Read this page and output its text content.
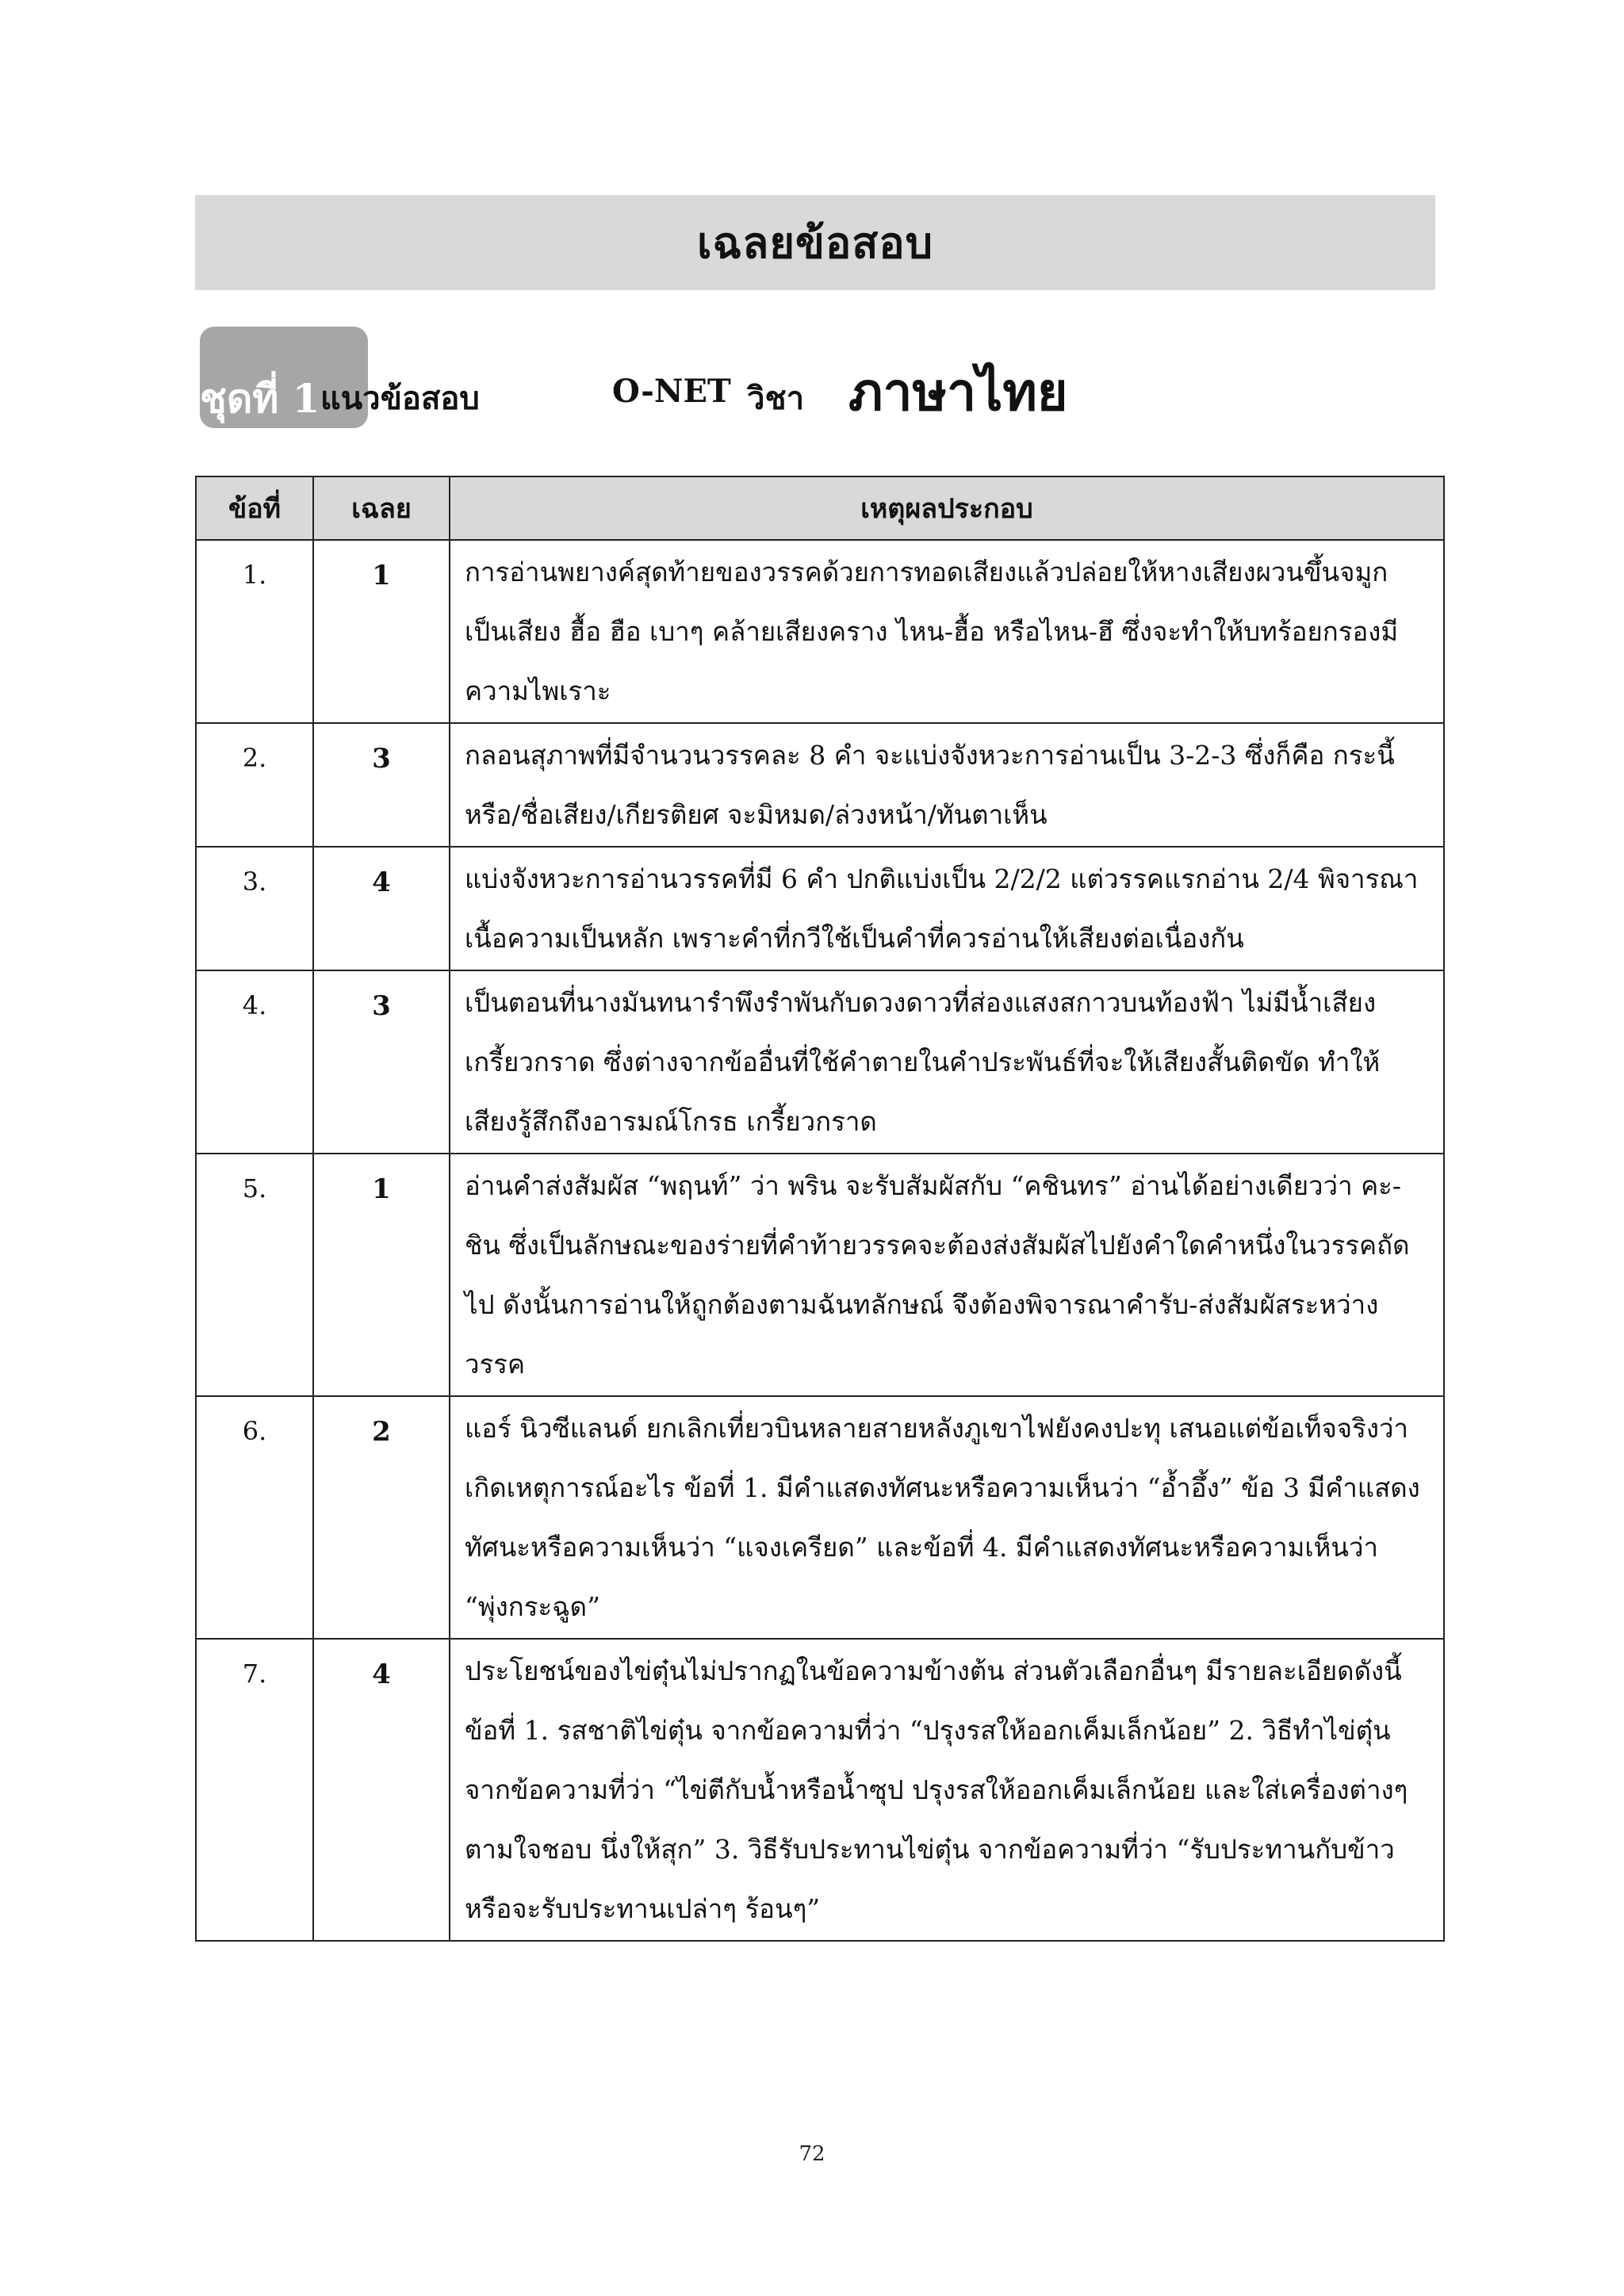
เฉลยข้อสอบ
ชุดที่ 1 แนวข้อสอบ	O-NET วิชา ภาษาไทย
ข้อที่	เฉลย	เหตุผลประกอบ
1.	1	การอ่านพยางค์สุดท้ายของวรรคด้วยการทอดเสียงแล้วปล่อยให้หางเสียงผวนขึ้นจมูกเป็นเสียง ฮื้อ ฮือ เบาๆ คล้ายเสียงคราง ไหน-ฮื้อ หรือไหน-ฮึ ซึ่งจะทำให้บทร้อยกรองมีความไพเราะ
2.	3	กลอนสุภาพที่มีจำนวนวรรคละ 8 คำ จะแบ่งจังหวะการอ่านเป็น 3-2-3 ซึ่งก็คือ กระนี้หรือ/ชื่อเสียง/เกียรติยศ จะมิหมด/ล่วงหน้า/ทันตาเห็น
3.	4	แบ่งจังหวะการอ่านวรรคที่มี 6 คำ ปกติแบ่งเป็น 2/2/2 แต่วรรคแรกอ่าน 2/4 พิจารณาเนื้อความเป็นหลัก เพราะคำที่กวีใช้เป็นคำที่ควรอ่านให้เสียงต่อเนื่องกัน
4.	3	เป็นตอนที่นางมันทนารำพึงรำพันกับดวงดาวที่ส่องแสงสกาวบนท้องฟ้า ไม่มีน้ำเสียงเกรี้ยวกราด ซึ่งต่างจากข้ออื่นที่ใช้คำตายในคำประพันธ์ที่จะให้เสียงสั้นติดขัด ทำให้เสียงรู้สึกถึงอารมณ์โกรธ เกรี้ยวกราด
5.	1	อ่านคำส่งสัมผัส “พฤนท์” ว่า พริน จะรับสัมผัสกับ “คชินทร” อ่านได้อย่างเดียวว่า คะ-ชิน ซึ่งเป็นลักษณะของร่ายที่คำท้ายวรรคจะต้องส่งสัมผัสไปยังคำใดคำหนึ่งในวรรคถัดไป ดังนั้นการอ่านให้ถูกต้องตามฉันทลักษณ์ จึงต้องพิจารณาคำรับ-ส่งสัมผัสระหว่างวรรค
6.	2	แอร์ นิวซีแลนด์ ยกเลิกเที่ยวบินหลายสายหลังภูเขาไฟยังคงปะทุ เสนอแต่ข้อเท็จจริงว่า เกิดเหตุการณ์อะไร ข้อที่ 1. มีคำแสดงทัศนะหรือความเห็นว่า “อ้ำอึ้ง” ข้อ 3 มีคำแสดงทัศนะหรือความเห็นว่า “แจงเครียด” และข้อที่ 4. มีคำแสดงทัศนะหรือความเห็นว่า “พุ่งกระฉูด”
7.	4	ประโยชน์ของไข่ตุ๋นไม่ปรากฏในข้อความข้างต้น ส่วนตัวเลือกอื่นๆ มีรายละเอียดดังนี้ ข้อที่ 1. รสชาติไข่ตุ๋น จากข้อความที่ว่า “ปรุงรสให้ออกเค็มเล็กน้อย” 2. วิธีทำไข่ตุ๋น จากข้อความที่ว่า “ไข่ตีกับน้ำหรือน้ำซุป ปรุงรสให้ออกเค็มเล็กน้อย และใส่เครื่องต่างๆ ตามใจชอบ นึ่งให้สุก” 3. วิธีรับประทานไข่ตุ๋น จากข้อความที่ว่า “รับประทานกับข้าว หรือจะรับประทานเปล่าๆ ร้อนๆ”
72
